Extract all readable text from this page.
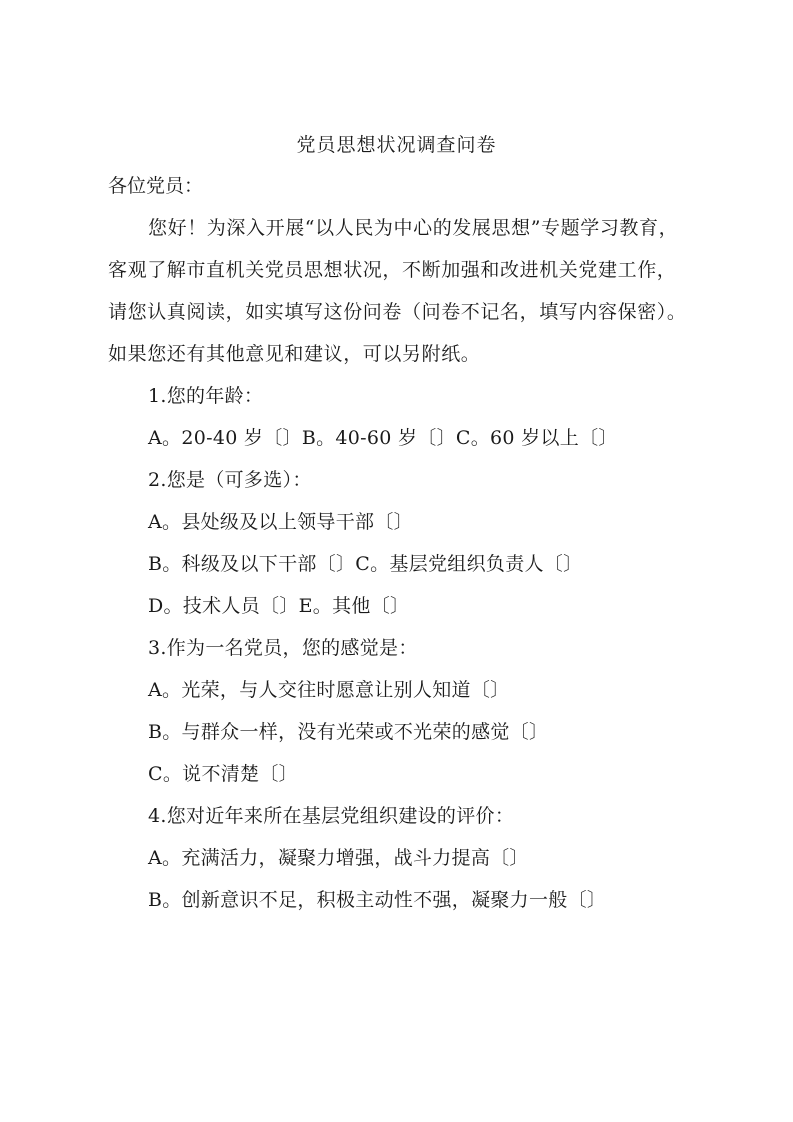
党员思想状况调查问卷
各位党员：
您好！为深入开展“以人民为中心的发展思想”专题学习教育，
客观了解市直机关党员思想状况，不断加强和改进机关党建工作，
请您认真阅读，如实填写这份问卷（问卷不记名，填写内容保密）。
如果您还有其他意见和建议，可以另附纸。
1.您的年龄：
A。20-40 岁〔〕B。40-60 岁〔〕C。60 岁以上〔〕
2.您是（可多选）：
A。县处级及以上领导干部〔〕
B。科级及以下干部〔〕C。基层党组织负责人〔〕
D。技术人员〔〕E。其他〔〕
3.作为一名党员，您的感觉是：
A。光荣，与人交往时愿意让别人知道〔〕
B。与群众一样，没有光荣或不光荣的感觉〔〕
C。说不清楚〔〕
4.您对近年来所在基层党组织建设的评价：
A。充满活力，凝聚力增强，战斗力提高〔〕
B。创新意识不足，积极主动性不强，凝聚力一般〔〕
